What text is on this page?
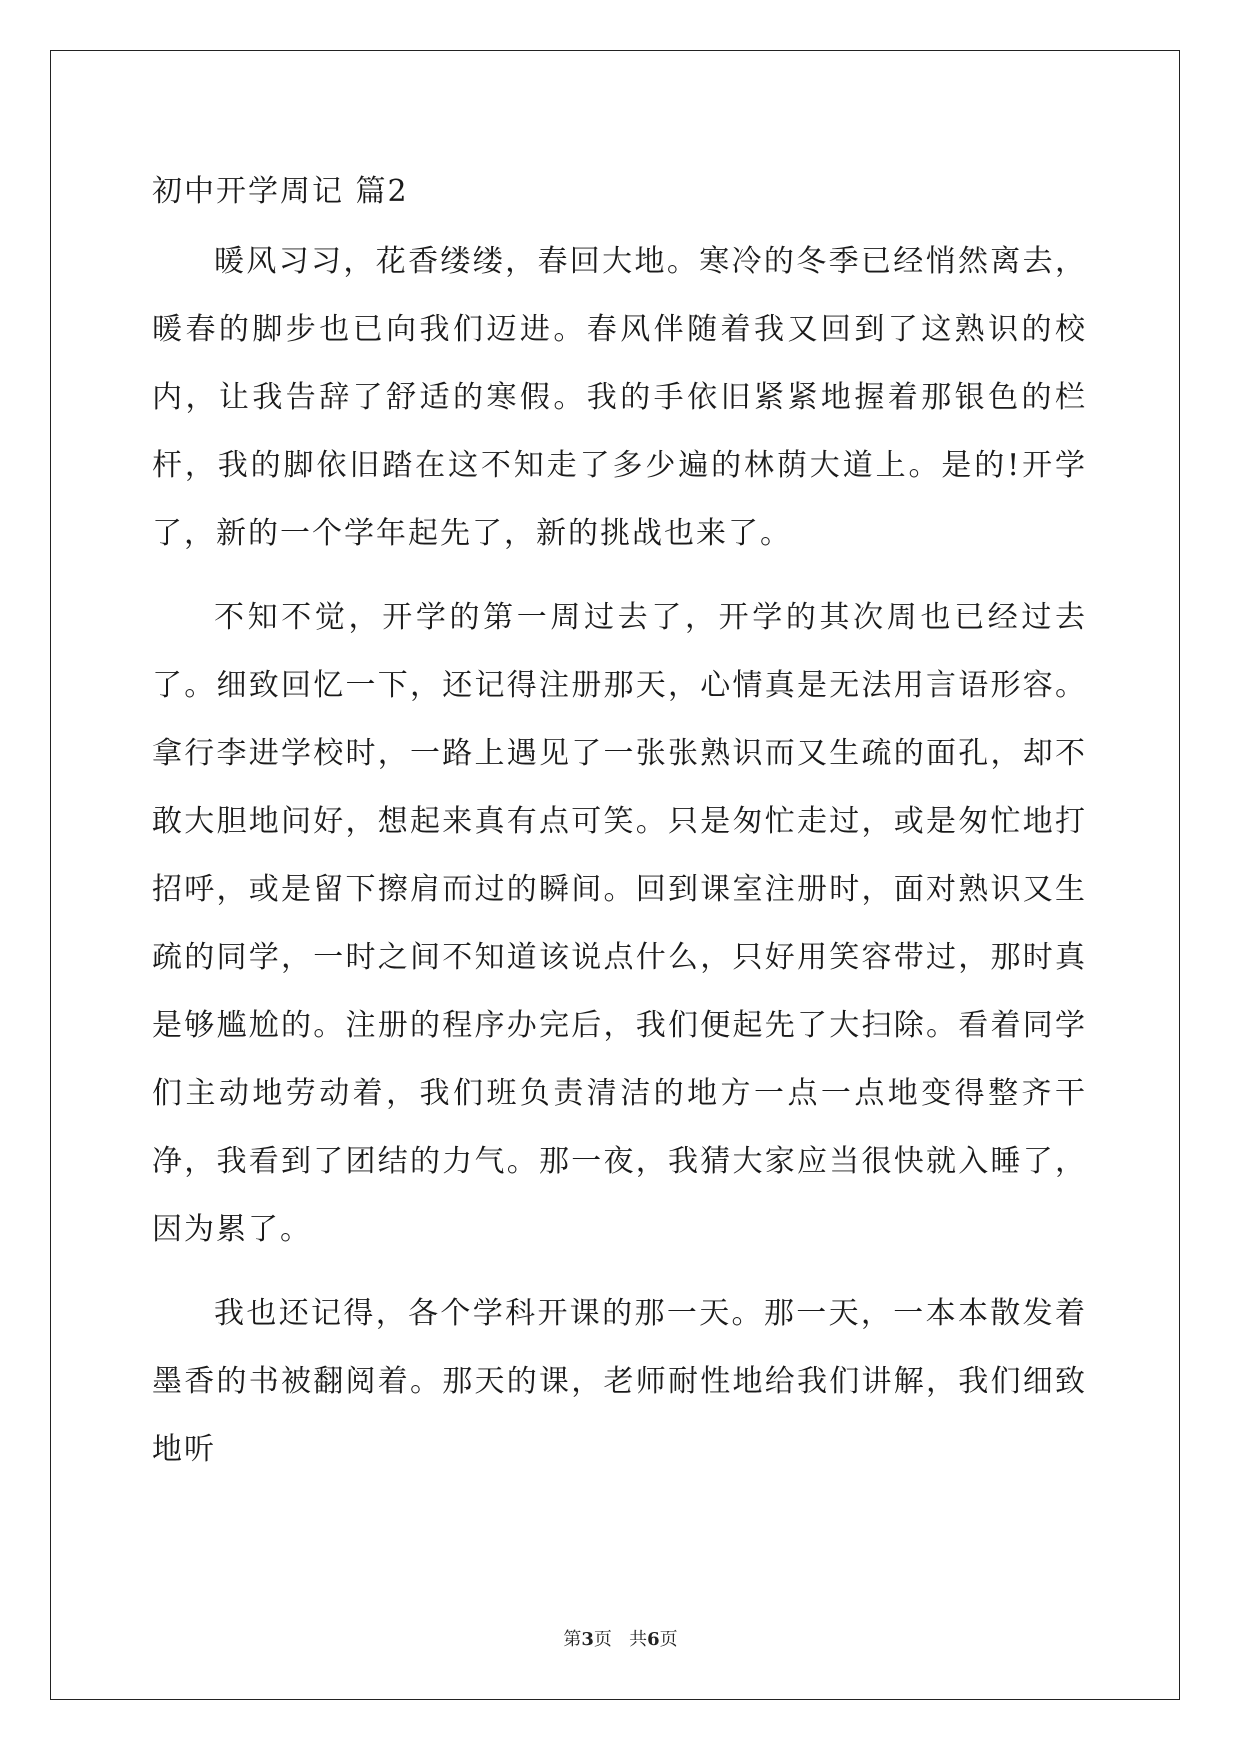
初中开学周记 篇2

暖风习习，花香缕缕，春回大地。寒冷的冬季已经悄然离去，暖春的脚步也已向我们迈进。春风伴随着我又回到了这熟识的校内，让我告辞了舒适的寒假。我的手依旧紧紧地握着那银色的栏杆，我的脚依旧踏在这不知走了多少遍的林荫大道上。是的!开学了，新的一个学年起先了，新的挑战也来了。

不知不觉，开学的第一周过去了，开学的其次周也已经过去了。细致回忆一下，还记得注册那天，心情真是无法用言语形容。拿行李进学校时，一路上遇见了一张张熟识而又生疏的面孔，却不敢大胆地问好，想起来真有点可笑。只是匆忙走过，或是匆忙地打招呼，或是留下擦肩而过的瞬间。回到课室注册时，面对熟识又生疏的同学，一时之间不知道该说点什么，只好用笑容带过，那时真是够尴尬的。注册的程序办完后，我们便起先了大扫除。看着同学们主动地劳动着，我们班负责清洁的地方一点一点地变得整齐干净，我看到了团结的力气。那一夜，我猜大家应当很快就入睡了，因为累了。

我也还记得，各个学科开课的那一天。那一天，一本本散发着墨香的书被翻阅着。那天的课，老师耐性地给我们讲解，我们细致地听

第3页 共6页
